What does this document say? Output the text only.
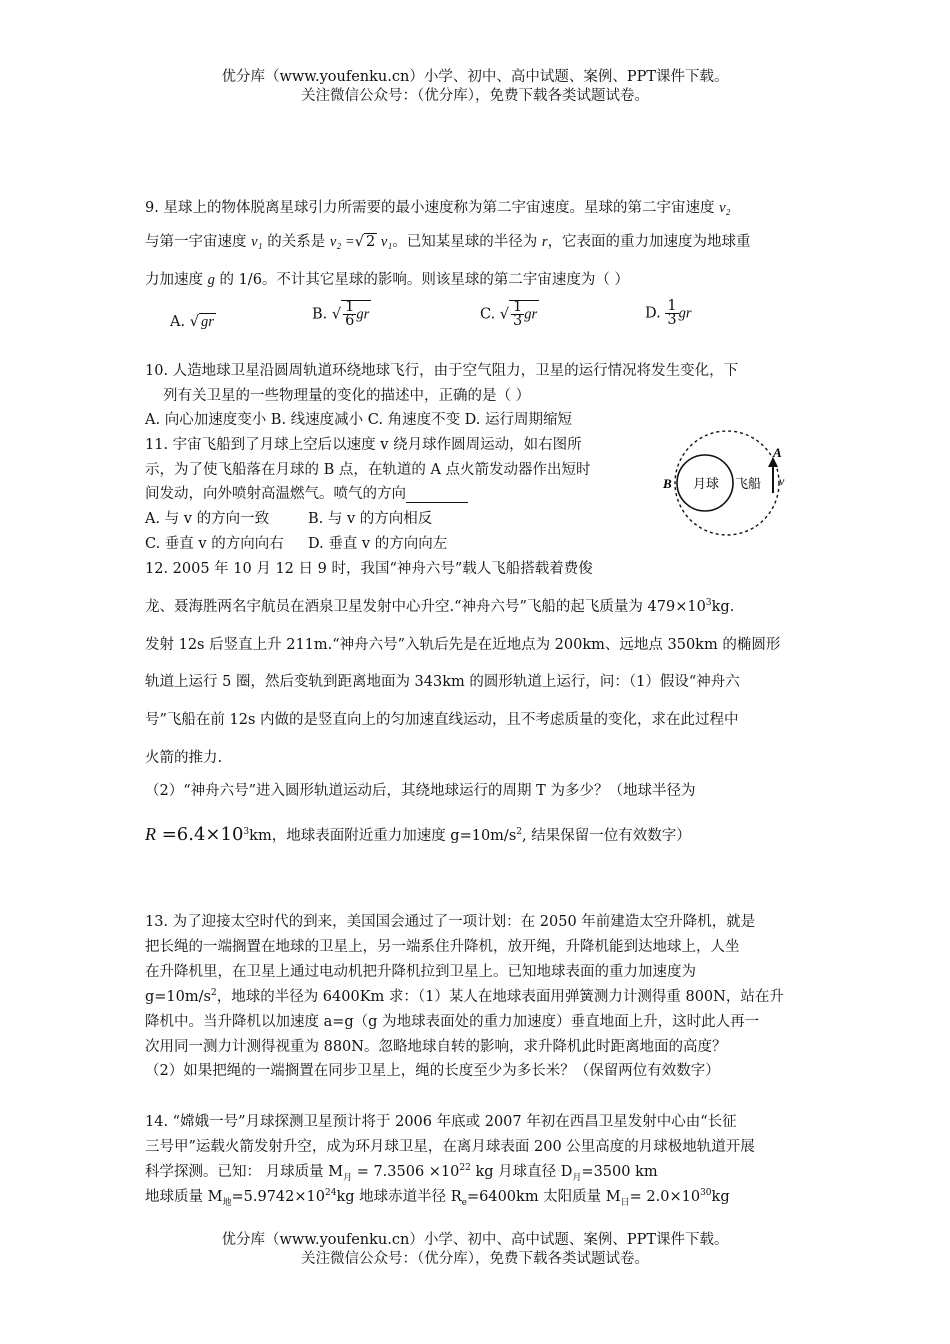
优分库（www.youfenku.cn）小学、初中、高中试题、案例、PPT课件下载。
关注微信公众号：（优分库），免费下载各类试题试卷。
9. 星球上的物体脱离星球引力所需要的最小速度称为第二宇宙速度。星球的第二宇宙速度 v₂
与第一宇宙速度 v₁ 的关系是 v₂ =√ 2 v₁。已知某星球的半径为 r，它表面的重力加速度为地球重
力加速度 g 的 1/6。不计其它星球的影响。则该星球的第二宇宙速度为（ ）
A. √ gr	B. √ $\frac{1}{6}$ gr	C. √ $\frac{1}{3}$ gr	D. $\frac{1}{3}$ gr
10. 人造地球卫星沿圆周轨道环绕地球飞行，由于空气阻力，卫星的运行情况将发生变化，下
列有关卫星的一些物理量的变化的描述中，正确的是（ ）
A. 向心加速度变小 B. 线速度减小 C. 角速度不变 D. 运行周期缩短
11. 宇宙飞船到了月球上空后以速度 v 绕月球作圆周运动，如右图所
示，为了使飞船落在月球的 B 点，在轨道的 A 点火箭发动器作出短时
间发动，向外喷射高温燃气。喷气的方向
A. 与 v 的方向一致	B. 与 v 的方向相反
C. 垂直 v 的方向向右 D. 垂直 v 的方向向左
月球 飞船
B
A
v
12. 2005 年 10 月 12 日 9 时，我国“神舟六号”载人飞船搭载着费俊
龙、聂海胜两名宇航员在酒泉卫星发射中心升空.“神舟六号”飞船的起飞质量为 $479\times 10^3kg$.
发射 12s 后竖直上升 211m.“神舟六号”入轨后先是在近地点为 200km、远地点 350km 的椭圆形
轨道上运行 5 圈，然后变轨到距离地面为 343km 的圆形轨道上运行，问：（1）假设“神舟六
号”飞船在前 12s 内做的是竖直向上的匀加速直线运动，且不考虑质量的变化，求在此过程中
火箭的推力.
（2）“神舟六号”进入圆形轨道运动后，其绕地球运行的周期 T 为多少？（地球半径为
$R =6.4\times 10^3km$，地球表面附近重力加速度 $g=10m/s^2$, 结果保留一位有效数字）
13. 为了迎接太空时代的到来，美国国会通过了一项计划：在 2050 年前建造太空升降机，就是
把长绳的一端搁置在地球的卫星上，另一端系住升降机，放开绳，升降机能到达地球上，人坐
在升降机里，在卫星上通过电动机把升降机拉到卫星上。已知地球表面的重力加速度为
$g=10m/s^2$，地球的半径为 6400Km 求：（1）某人在地球表面用弹簧测力计测得重 800N，站在升
降机中。当升降机以加速度 a=g（g 为地球表面处的重力加速度）垂直地面上升，这时此人再一
次用同一测力计测得视重为 880N。忽略地球自转的影响，求升降机此时距离地面的高度？
（2）如果把绳的一端搁置在同步卫星上，绳的长度至少为多长米？（保留两位有效数字）
14. “嫦娥一号”月球探测卫星预计将于 2006 年底或 2007 年初在西昌卫星发射中心由“长征
三号甲”运载火箭发射升空，成为环月球卫星，在离月球表面 200 公里高度的月球极地轨道开展
科学探测。已知： 月球质量 $M_月 = 7.3506 \times 10^{22}$ kg 月球直径 $D_月=3500$ km
地球质量 $M_地=5.9742\times 10^{24}kg$ 地球赤道半径 $R_e=6400km$ 太阳质量 $M_日= 2.0\times 10^{30}kg$
优分库（www.youfenku.cn）小学、初中、高中试题、案例、PPT课件下载。
关注微信公众号：（优分库），免费下载各类试题试卷。
